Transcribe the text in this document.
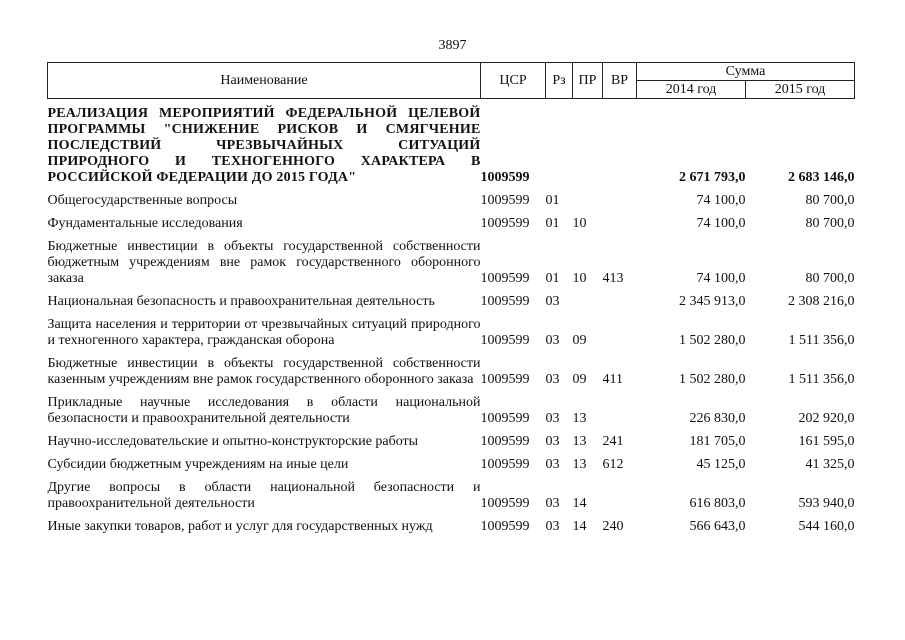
3897
Наименование	ЦСР	Рз	ПР	ВР	Сумма	
					2014 год	2015 год
РЕАЛИЗАЦИЯ МЕРОПРИЯТИЙ ФЕДЕРАЛЬНОЙ ЦЕЛЕВОЙ ПРОГРАММЫ "СНИЖЕНИЕ РИСКОВ И СМЯГЧЕНИЕ ПОСЛЕДСТВИЙ ЧРЕЗВЫЧАЙНЫХ СИТУАЦИЙ ПРИРОДНОГО И ТЕХНОГЕННОГО ХАРАКТЕРА В РОССИЙСКОЙ ФЕДЕРАЦИИ ДО 2015 ГОДА"	1009599				2 671 793,0	2 683 146,0
Общегосударственные вопросы	1009599	01			74 100,0	80 700,0
Фундаментальные исследования	1009599	01	10		74 100,0	80 700,0
Бюджетные инвестиции в объекты государственной собственности бюджетным учреждениям вне рамок государственного оборонного заказа	1009599	01	10	413	74 100,0	80 700,0
Национальная безопасность и правоохранительная деятельность	1009599	03			2 345 913,0	2 308 216,0
Защита населения и территории от чрезвычайных ситуаций природного и техногенного характера, гражданская оборона	1009599	03	09		1 502 280,0	1 511 356,0
Бюджетные инвестиции в объекты государственной собственности казенным учреждениям вне рамок государственного оборонного заказа	1009599	03	09	411	1 502 280,0	1 511 356,0
Прикладные научные исследования в области национальной безопасности и правоохранительной деятельности	1009599	03	13		226 830,0	202 920,0
Научно-исследовательские и опытно-конструкторские работы	1009599	03	13	241	181 705,0	161 595,0
Субсидии бюджетным учреждениям на иные цели	1009599	03	13	612	45 125,0	41 325,0
Другие вопросы в области национальной безопасности и правоохранительной деятельности	1009599	03	14		616 803,0	593 940,0
Иные закупки товаров, работ и услуг для государственных нужд	1009599	03	14	240	566 643,0	544 160,0
